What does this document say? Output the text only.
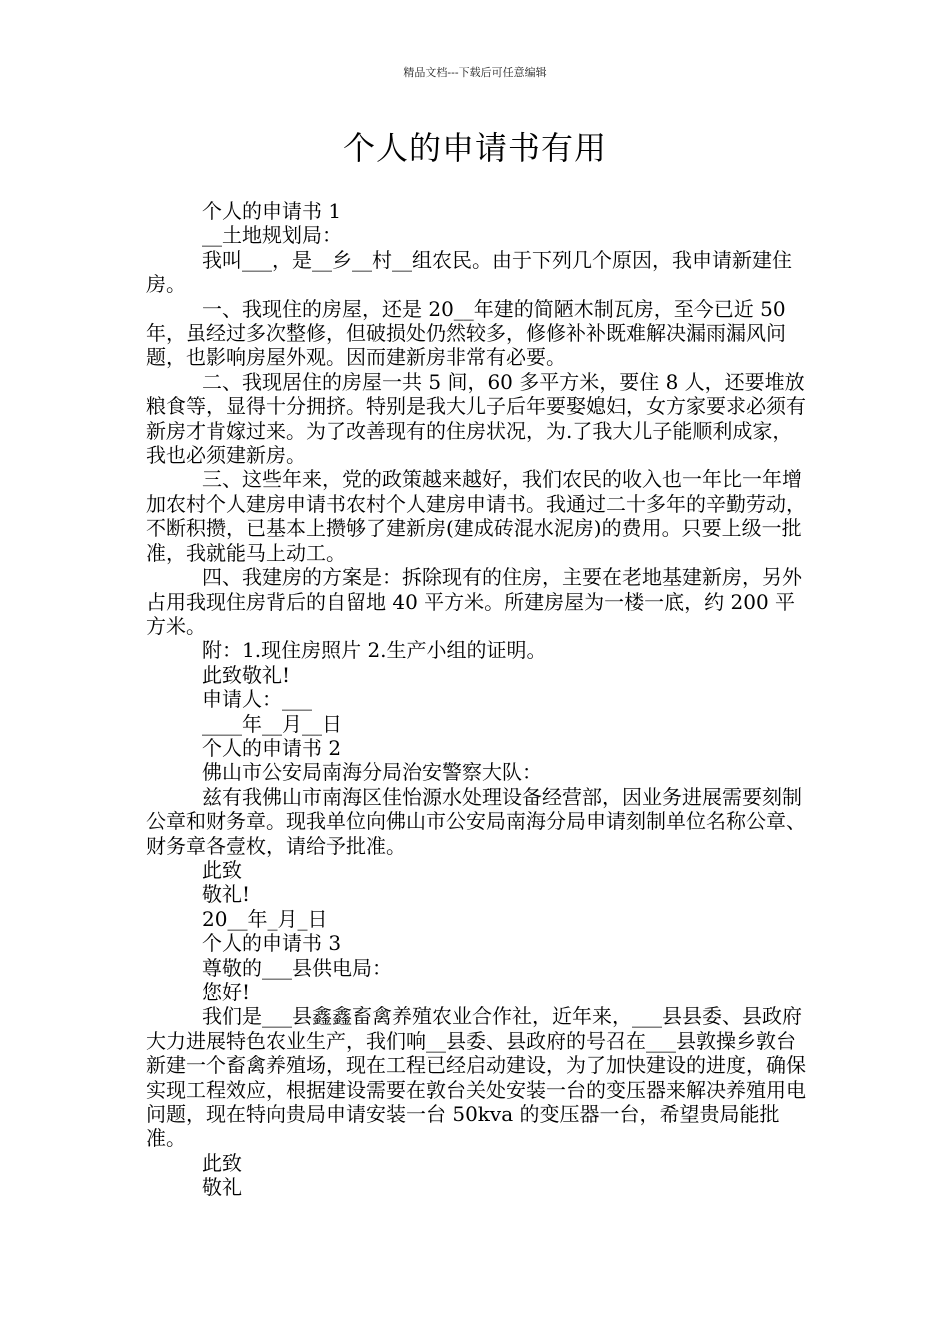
精品文档---下载后可任意编辑
个人的申请书有用

个人的申请书 1

__土地规划局：

我叫___，是__乡__村__组农民。由于下列几个原因，我申请新建住房。

一、我现住的房屋，还是 20__年建的简陋木制瓦房，至今已近 50 年，虽经过多次整修，但破损处仍然较多，修修补补既难解决漏雨漏风问题，也影响房屋外观。因而建新房非常有必要。

二、我现居住的房屋一共 5 间，60 多平方米，要住 8 人，还要堆放粮食等，显得十分拥挤。特别是我大儿子后年要娶媳妇，女方家要求必须有新房才肯嫁过来。为了改善现有的住房状况，为.了我大儿子能顺利成家，我也必须建新房。

三、这些年来，党的政策越来越好，我们农民的收入也一年比一年增加农村个人建房申请书农村个人建房申请书。我通过二十多年的辛勤劳动，不断积攒，已基本上攒够了建新房(建成砖混水泥房)的费用。只要上级一批准，我就能马上动工。

四、我建房的方案是：拆除现有的住房，主要在老地基建新房，另外占用我现住房背后的自留地 40 平方米。所建房屋为一楼一底，约 200 平方米。

附：1.现住房照片 2.生产小组的证明。

此致敬礼!

申请人：___

____年__月__日

个人的申请书 2

佛山市公安局南海分局治安警察大队：

兹有我佛山市南海区佳怡源水处理设备经营部，因业务进展需要刻制公章和财务章。现我单位向佛山市公安局南海分局申请刻制单位名称公章、财务章各壹枚，请给予批准。

此致

敬礼!

20__年_月_日

个人的申请书 3

尊敬的___县供电局：

您好!

我们是___县鑫鑫畜禽养殖农业合作社，近年来，___县县委、县政府大力进展特色农业生产，我们响__县委、县政府的号召在___县敦操乡敦台新建一个畜禽养殖场，现在工程已经启动建设，为了加快建设的进度，确保实现工程效应，根据建设需要在敦台关处安装一台的变压器来解决养殖用电问题，现在特向贵局申请安装一台 50kva 的变压器一台，希望贵局能批准。

此致

敬礼
